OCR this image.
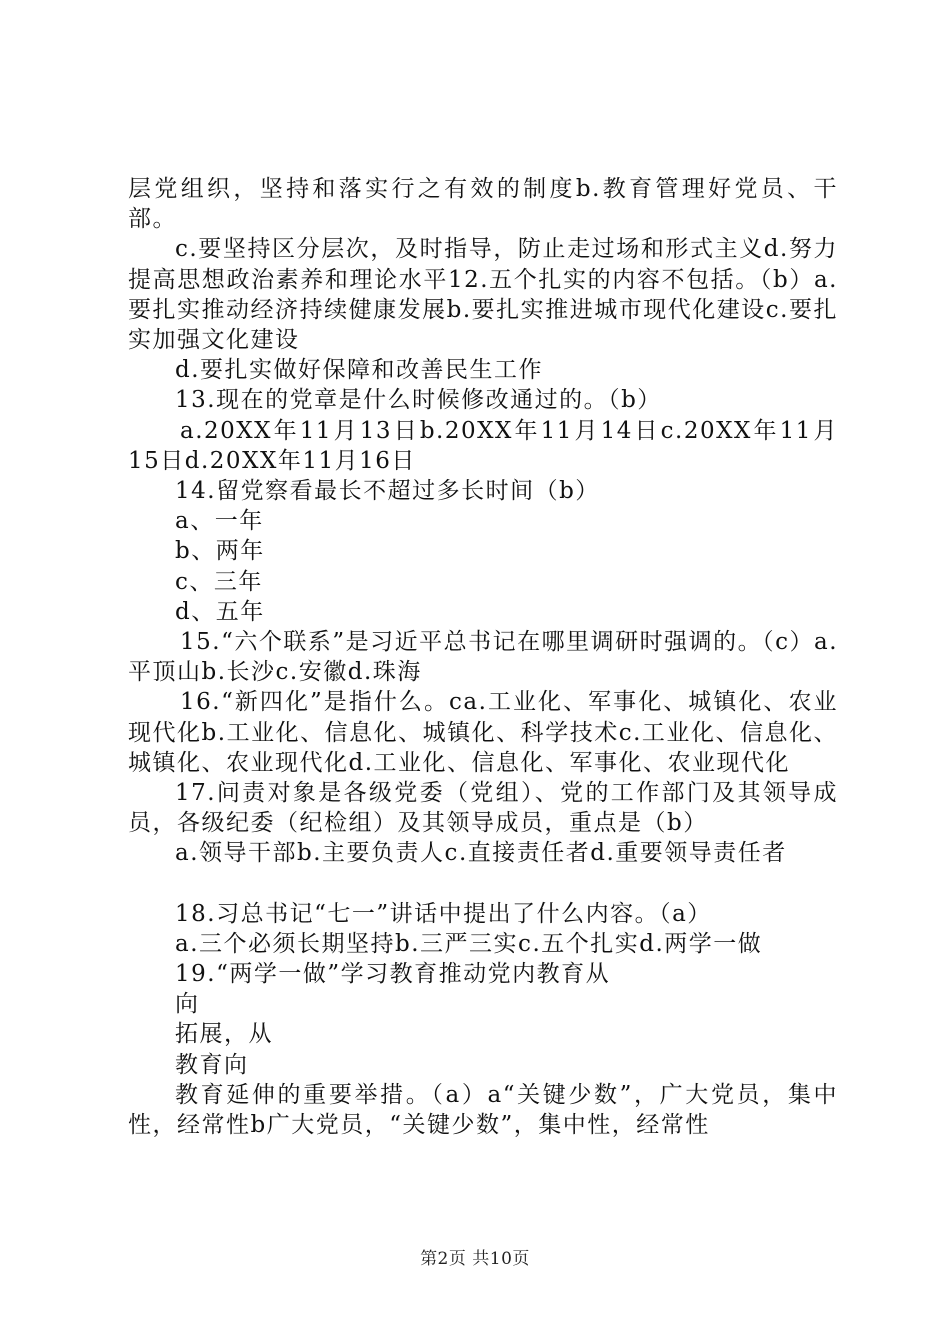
层党组织，坚持和落实行之有效的制度b.教育管理好党员、干部。

c.要坚持区分层次，及时指导，防止走过场和形式主义d.努力提高思想政治素养和理论水平12.五个扎实的内容不包括。（b）a.要扎实推动经济持续健康发展b.要扎实推进城市现代化建设c.要扎实加强文化建设

d.要扎实做好保障和改善民生工作

13.现在的党章是什么时候修改通过的。（b）

a.20XX年11月13日b.20XX年11月14日c.20XX年11月15日d.20XX年11月16日

14.留党察看最长不超过多长时间（b）

a、一年

b、两年

c、三年

d、五年

15.“六个联系”是习近平总书记在哪里调研时强调的。（c）a.平顶山b.长沙c.安徽d.珠海

16.“新四化”是指什么。ca.工业化、军事化、城镇化、农业现代化b.工业化、信息化、城镇化、科学技术c.工业化、信息化、城镇化、农业现代化d.工业化、信息化、军事化、农业现代化

17.问责对象是各级党委（党组）、党的工作部门及其领导成员，各级纪委（纪检组）及其领导成员，重点是（b）

a.领导干部b.主要负责人c.直接责任者d.重要领导责任者

18.习总书记“七一”讲话中提出了什么内容。（a）

a.三个必须长期坚持b.三严三实c.五个扎实d.两学一做

19.“两学一做”学习教育推动党内教育从

向

拓展，从

教育向

教育延伸的重要举措。（a）a“关键少数”，广大党员，集中性，经常性b广大党员，“关键少数”，集中性，经常性

第2页 共10页
